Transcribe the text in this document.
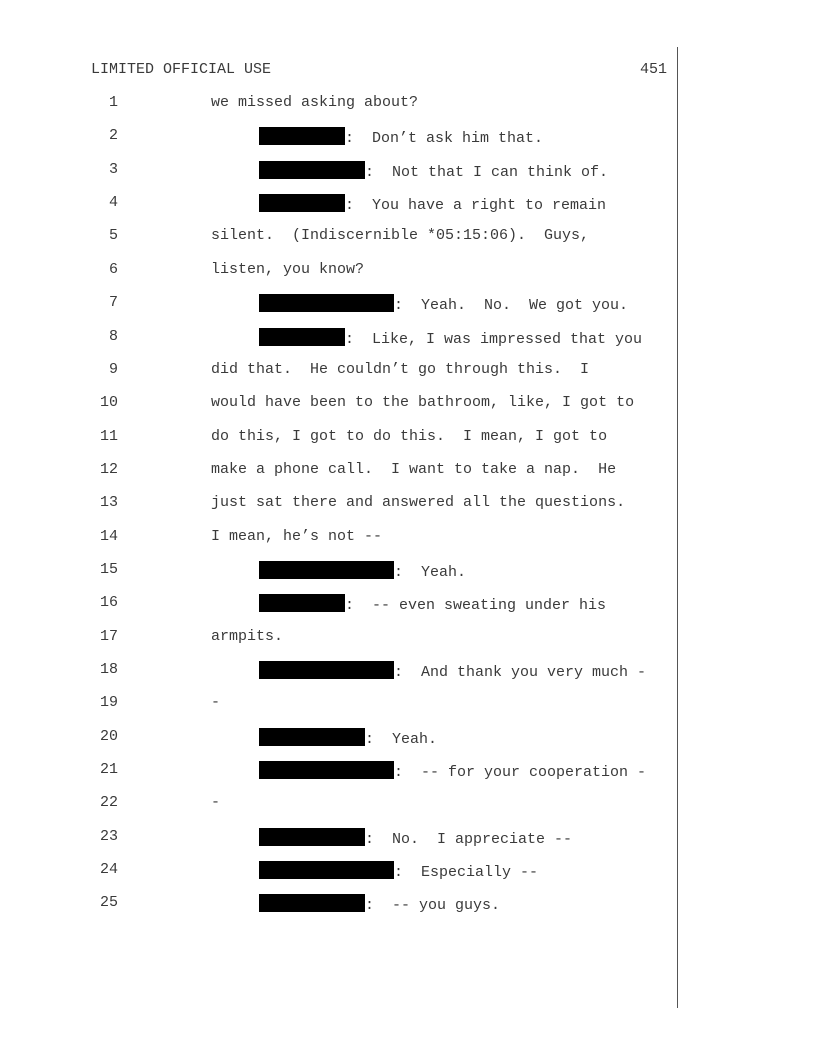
LIMITED OFFICIAL USE	451
1	we missed asking about?
2	:  Don’t ask him that.
3	:  Not that I can think of.
4	:  You have a right to remain
5	silent.  (Indiscernible *05:15:06).  Guys,
6	listen, you know?
7	:  Yeah.  No.  We got you.
8	:  Like, I was impressed that you
9	did that.  He couldn’t go through this.  I
10	would have been to the bathroom, like, I got to
11	do this, I got to do this.  I mean, I got to
12	make a phone call.  I want to take a nap.  He
13	just sat there and answered all the questions.
14	I mean, he’s not --
15	:  Yeah.
16	:  -- even sweating under his
17	armpits.
18	:  And thank you very much -
19	-
20	:  Yeah.
21	:  -- for your cooperation -
22	-
23	:  No.  I appreciate --
24	:  Especially --
25	:  -- you guys.
